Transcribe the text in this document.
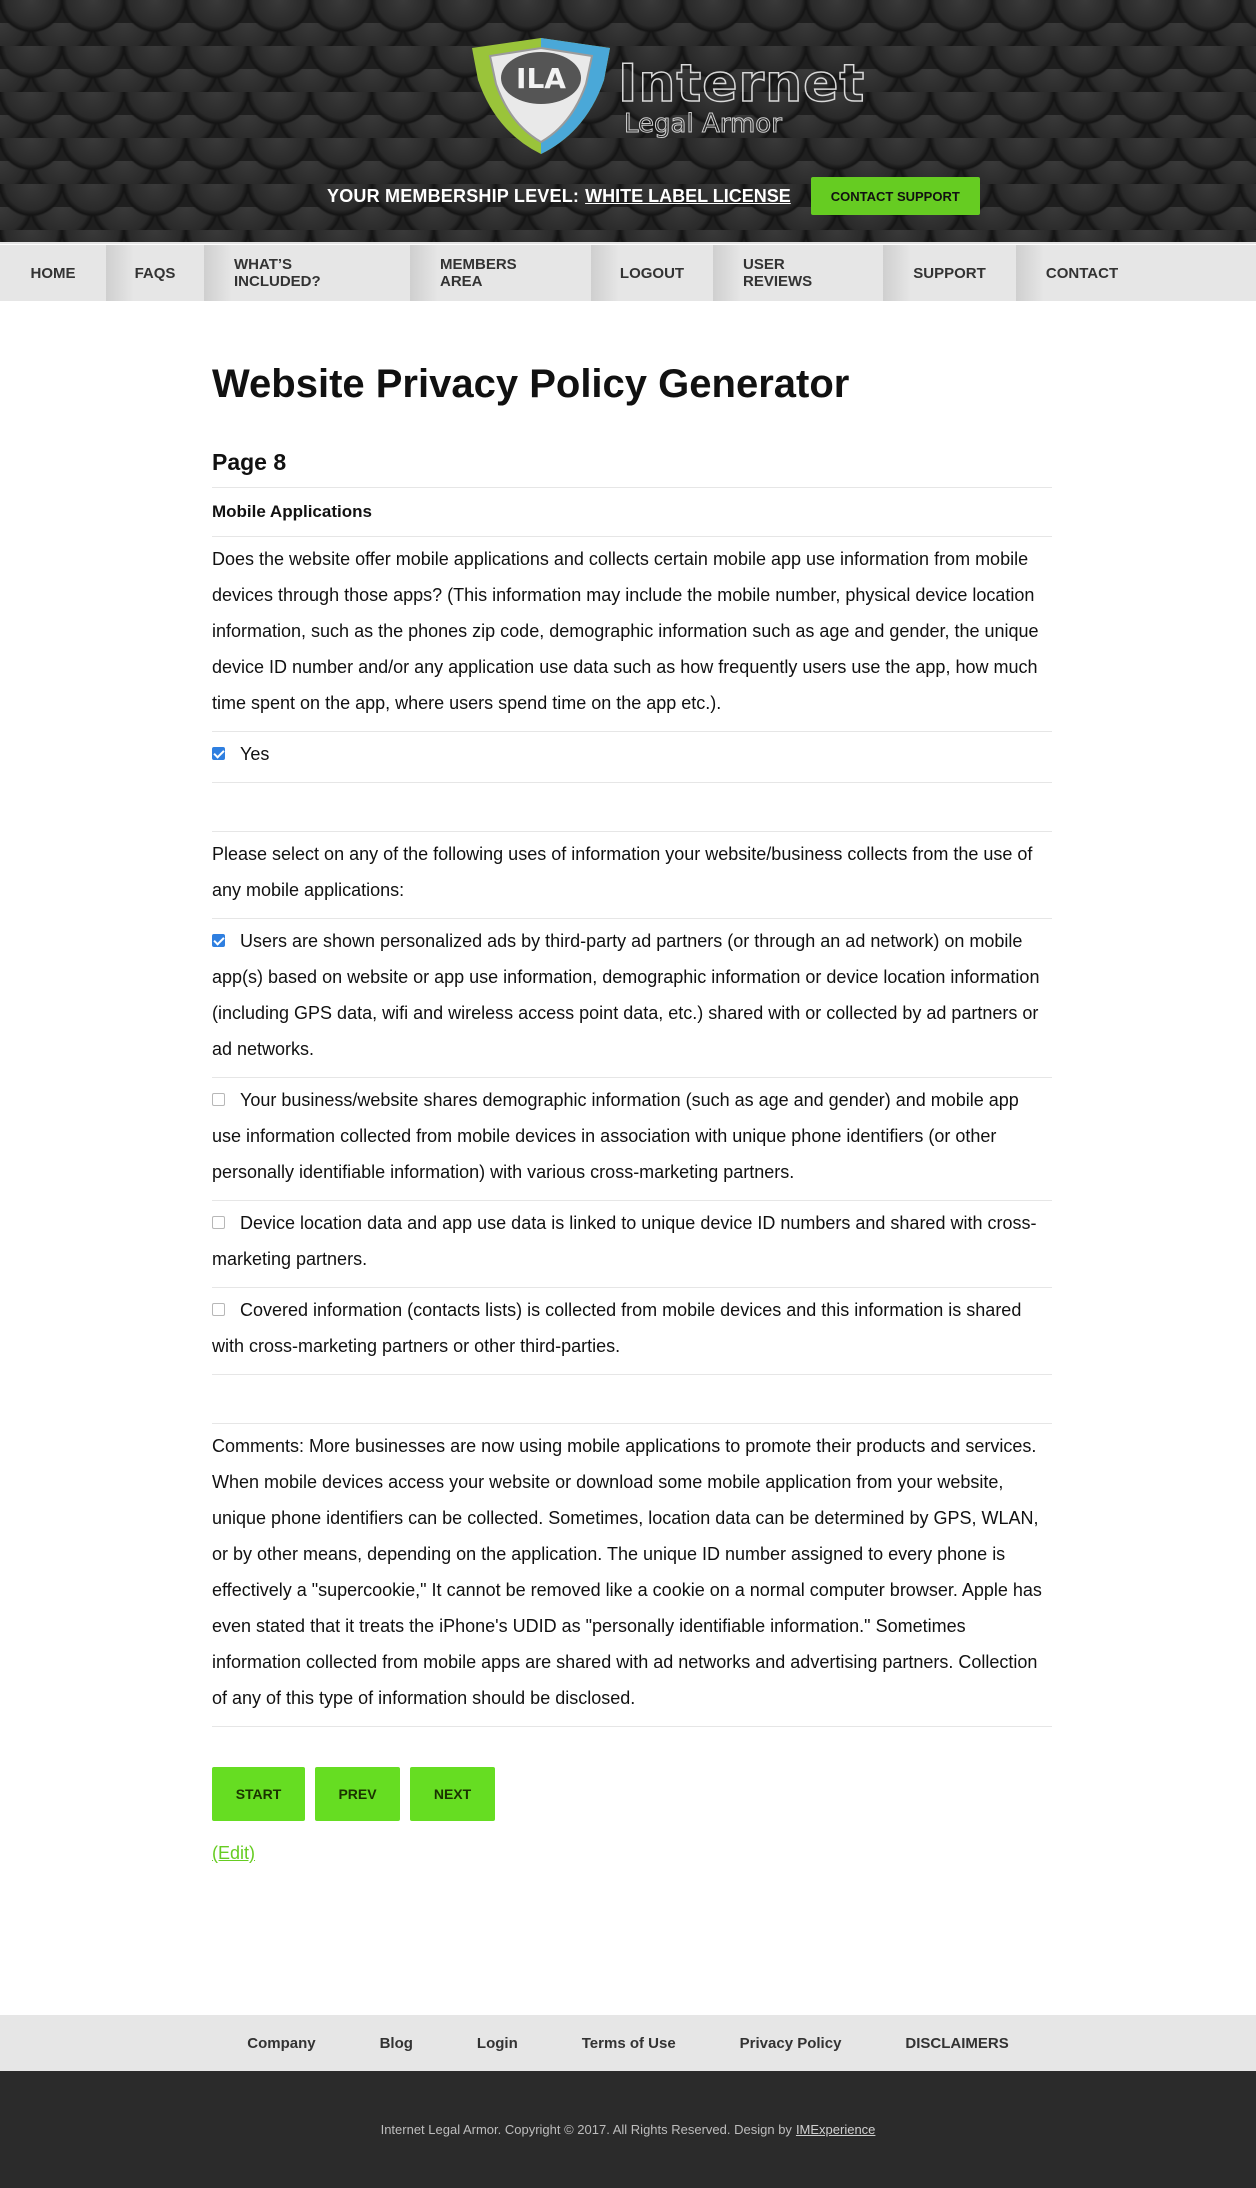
ILA Internet
Legal Armor
YOUR MEMBERSHIP LEVEL: WHITE LABEL LICENSE	CONTACT SUPPORT
HOME	FAQS	WHAT’S INCLUDED?
MEMBERS AREA	LOGOUT	USER REVIEWS	SUPPORT	CONTACT
Website Privacy Policy Generator
Page 8
Mobile Applications
Does the website offer mobile applications and collects certain mobile app use information from mobile devices through those apps? (This information may include the mobile number, physical device location information, such as the phones zip code, demographic information such as age and gender, the unique device ID number and/or any application use data such as how frequently users use the app, how much time spent on the app, where users spend time on the app etc.).
Yes
Please select on any of the following uses of information your website/business collects from the use of any mobile applications:
Users are shown personalized ads by third-party ad partners (or through an ad network) on mobile app(s) based on website or app use information, demographic information or device location information (including GPS data, wifi and wireless access point data, etc.) shared with or collected by ad partners or ad networks.
Your business/website shares demographic information (such as age and gender) and mobile app use information collected from mobile devices in association with unique phone identifiers (or other personally identifiable information) with various cross-marketing partners.
Device location data and app use data is linked to unique device ID numbers and shared with cross-marketing partners.
Covered information (contacts lists) is collected from mobile devices and this information is shared with cross-marketing partners or other third-parties.
Comments: More businesses are now using mobile applications to promote their products and services. When mobile devices access your website or download some mobile application from your website, unique phone identifiers can be collected. Sometimes, location data can be determined by GPS, WLAN, or by other means, depending on the application. The unique ID number assigned to every phone is effectively a "supercookie," It cannot be removed like a cookie on a normal computer browser. Apple has even stated that it treats the iPhone's UDID as "personally identifiable information." Sometimes information collected from mobile apps are shared with ad networks and advertising partners. Collection of any of this type of information should be disclosed.
START	PREV	NEXT
(Edit)
Company	Blog	Login	Terms of Use	Privacy Policy	DISCLAIMERS
Internet Legal Armor. Copyright © 2017. All Rights Reserved. Design by IMExperience
